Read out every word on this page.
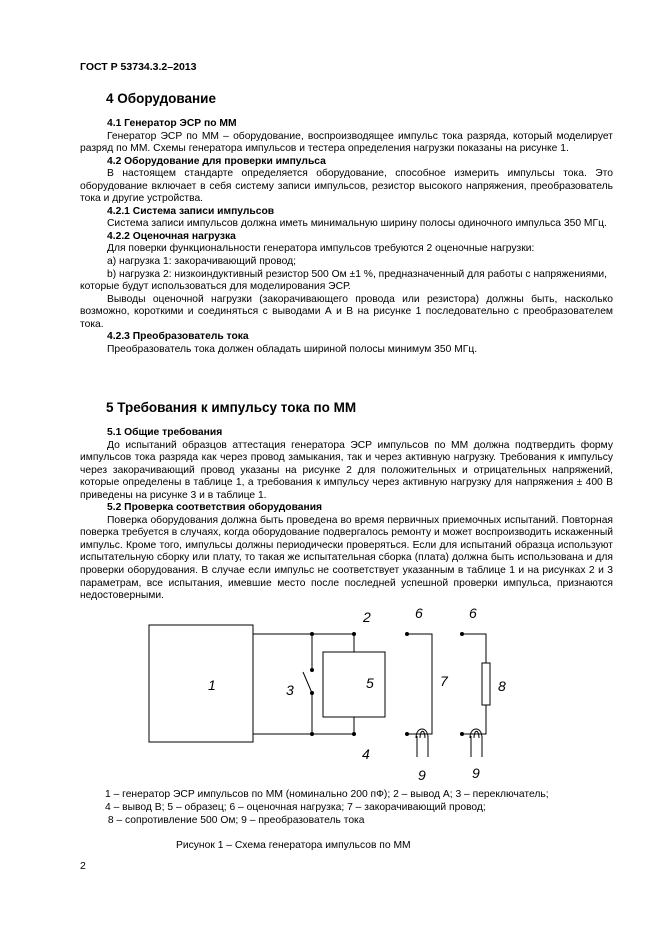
ГОСТ Р 53734.3.2–2013
4 Оборудование

4.1 Генератор ЭСР по ММ

Генератор ЭСР по ММ – оборудование, воспроизводящее импульс тока разряда, который моделирует разряд по ММ. Схемы генератора импульсов и тестера определения нагрузки показаны на рисунке 1.

4.2 Оборудование для проверки импульса

В настоящем стандарте определяется оборудование, способное измерить импульсы тока. Это оборудование включает в себя систему записи импульсов, резистор высокого напряжения, преобразователь тока и другие устройства.

4.2.1 Система записи импульсов

Система записи импульсов должна иметь минимальную ширину полосы одиночного импульса 350 МГц.

4.2.2 Оценочная нагрузка

Для поверки функциональности генератора импульсов требуются 2 оценочные нагрузки:

a) нагрузка 1: закорачивающий провод;

b) нагрузка 2: низкоиндуктивный резистор 500 Ом ±1 %, предназначенный для работы с напряжениями, которые будут использоваться для моделирования ЭСР.

Выводы оценочной нагрузки (закорачивающего провода или резистора) должны быть, насколько возможно, короткими и соединяться с выводами А и В на рисунке 1 последовательно с преобразователем тока.

4.2.3 Преобразователь тока

Преобразователь тока должен обладать шириной полосы минимум 350 МГц.

5 Требования к импульсу тока по ММ

5.1 Общие требования

До испытаний образцов аттестация генератора ЭСР импульсов по ММ должна подтвердить форму импульсов тока разряда как через провод замыкания, так и через активную нагрузку. Требования к импульсу через закорачивающий провод указаны на рисунке 2 для положительных и отрицательных напряжений, которые определены в таблице 1, а требования к импульсу через активную нагрузку для напряжения ± 400 В приведены на рисунке 3 и в таблице 1.

5.2 Проверка соответствия оборудования

Поверка оборудования должна быть проведена во время первичных приемочных испытаний. Повторная поверка требуется в случаях, когда оборудование подвергалось ремонту и может воспроизводить искаженный импульс. Кроме того, импульсы должны периодически проверяться. Если для испытаний образца используют испытательную сборку или плату, то такая же испытательная сборка (плата) должна быть использована и для проверки оборудования. В случае если импульс не соответствует указанным в таблице 1 и на рисунках 2 и 3 параметрам, все испытания, имевшие место после последней успешной проверки импульса, признаются недостоверными.

1
2
3
4
5
6	6
7	8
9	9
1 – генератор ЭСР импульсов по ММ (номинально 200 пФ); 2 – вывод А; 3 – переключатель;
4 – вывод В; 5 – образец; 6 – оценочная нагрузка; 7 – закорачивающий провод;
8 – сопротивление 500 Ом; 9 – преобразователь тока
Рисунок 1 – Схема генератора импульсов по ММ
2
